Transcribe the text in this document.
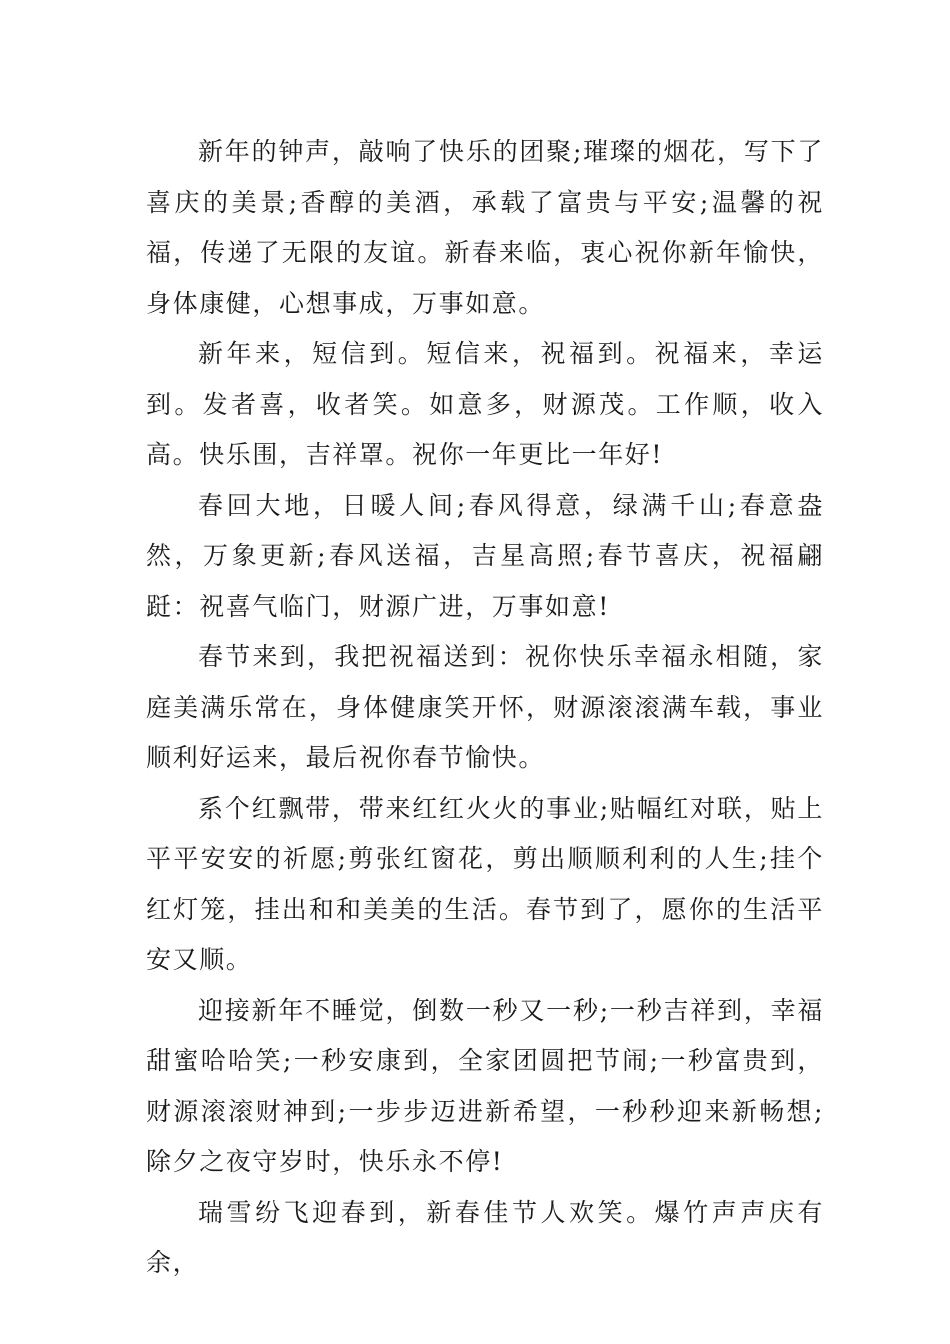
新年的钟声，敲响了快乐的团聚;璀璨的烟花，写下了喜庆的美景;香醇的美酒，承载了富贵与平安;温馨的祝福，传递了无限的友谊。新春来临，衷心祝你新年愉快，身体康健，心想事成，万事如意。

新年来，短信到。短信来，祝福到。祝福来，幸运到。发者喜，收者笑。如意多，财源茂。工作顺，收入高。快乐围，吉祥罩。祝你一年更比一年好!

春回大地，日暖人间;春风得意，绿满千山;春意盎然，万象更新;春风送福，吉星高照;春节喜庆，祝福翩跹：祝喜气临门，财源广进，万事如意!

春节来到，我把祝福送到：祝你快乐幸福永相随，家庭美满乐常在，身体健康笑开怀，财源滚滚满车载，事业顺利好运来，最后祝你春节愉快。

系个红飘带，带来红红火火的事业;贴幅红对联，贴上平平安安的祈愿;剪张红窗花，剪出顺顺利利的人生;挂个红灯笼，挂出和和美美的生活。春节到了，愿你的生活平安又顺。

迎接新年不睡觉，倒数一秒又一秒;一秒吉祥到，幸福甜蜜哈哈笑;一秒安康到，全家团圆把节闹;一秒富贵到，财源滚滚财神到;一步步迈进新希望，一秒秒迎来新畅想;除夕之夜守岁时，快乐永不停!

瑞雪纷飞迎春到，新春佳节人欢笑。爆竹声声庆有余，
